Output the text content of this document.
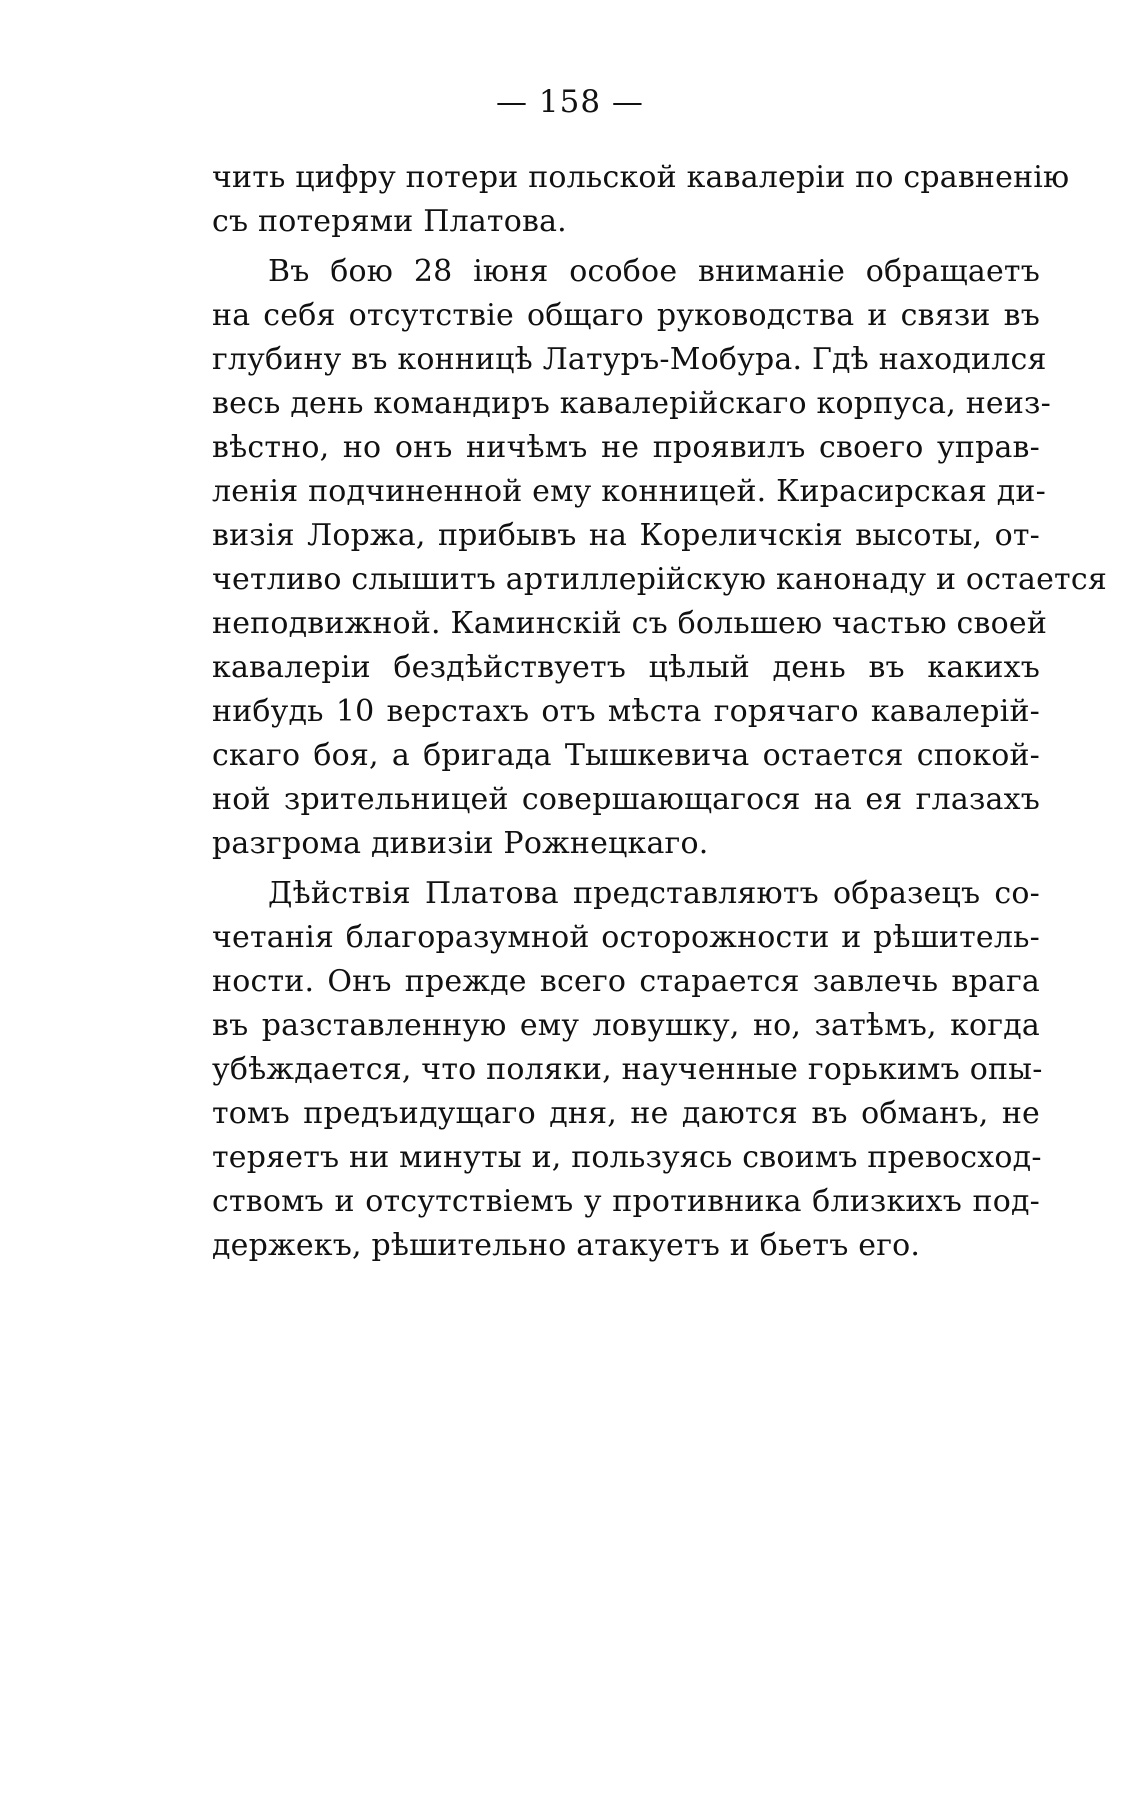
— 158 —
чить цифру потери польской кавалеріи по сравненію
съ потерями Платова.
Въ бою 28 іюня особое вниманіе обращаетъ
на себя отсутствіе общаго руководства и связи въ
глубину въ конницѣ Латуръ-Мобура. Гдѣ находился
весь день командиръ кавалерійскаго корпуса, неиз-
вѣстно, но онъ ничѣмъ не проявилъ своего управ-
ленія подчиненной ему конницей. Кирасирская ди-
визія Лоржа, прибывъ на Кореличскія высоты, от-
четливо слышитъ артиллерійскую канонаду и остается
неподвижной. Каминскій съ большею частью своей
кавалеріи бездѣйствуетъ цѣлый день въ какихъ
нибудь 10 верстахъ отъ мѣста горячаго кавалерій-
скаго боя, а бригада Тышкевича остается спокой-
ной зрительницей совершающагося на ея глазахъ
разгрома дивизіи Рожнецкаго.
Дѣйствія Платова представляютъ образецъ со-
четанія благоразумной осторожности и рѣшитель-
ности. Онъ прежде всего старается завлечь врага
въ разставленную ему ловушку, но, затѣмъ, когда
убѣждается, что поляки, наученные горькимъ опы-
томъ предъидущаго дня, не даются въ обманъ, не
теряетъ ни минуты и, пользуясь своимъ превосход-
ствомъ и отсутствіемъ у противника близкихъ под-
держекъ, рѣшительно атакуетъ и бьетъ его.
